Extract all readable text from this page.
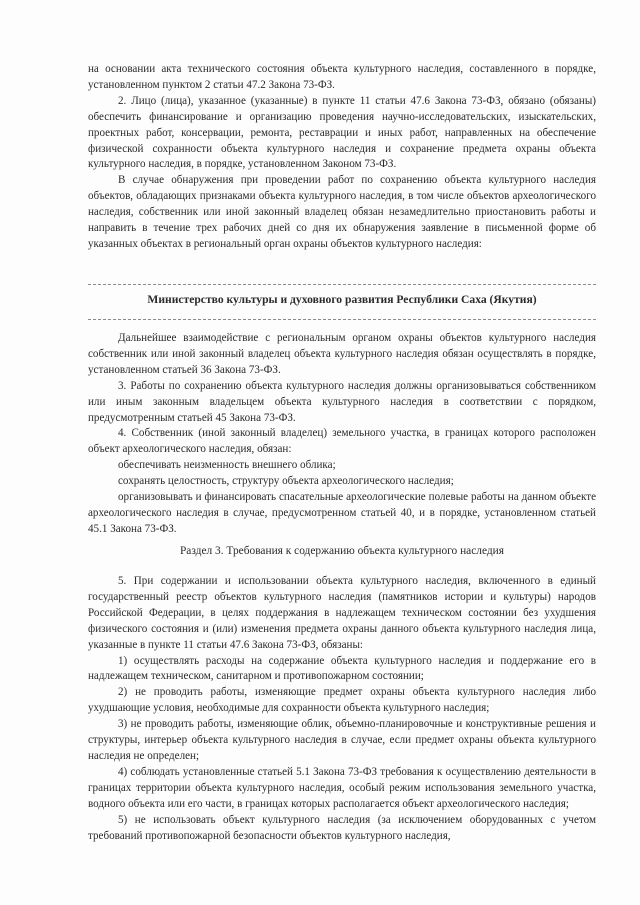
на основании акта технического состояния объекта культурного наследия, составленного в порядке, установленном пунктом 2 статьи 47.2 Закона 73-ФЗ.

2. Лицо (лица), указанное (указанные) в пункте 11 статьи 47.6 Закона 73-ФЗ, обязано (обязаны) обеспечить финансирование и организацию проведения научно-исследовательских, изыскательских, проектных работ, консервации, ремонта, реставрации и иных работ, направленных на обеспечение физической сохранности объекта культурного наследия и сохранение предмета охраны объекта культурного наследия, в порядке, установленном Законом 73-ФЗ.

В случае обнаружения при проведении работ по сохранению объекта культурного наследия объектов, обладающих признаками объекта культурного наследия, в том числе объектов археологического наследия, собственник или иной законный владелец обязан незамедлительно приостановить работы и направить в течение трех рабочих дней со дня их обнаружения заявление в письменной форме об указанных объектах в региональный орган охраны объектов культурного наследия:

Министерство культуры и духовного развития Республики Саха (Якутия)

Дальнейшее взаимодействие с региональным органом охраны объектов культурного наследия собственник или иной законный владелец объекта культурного наследия обязан осуществлять в порядке, установленном статьей 36 Закона 73-ФЗ.

3. Работы по сохранению объекта культурного наследия должны организовываться собственником или иным законным владельцем объекта культурного наследия в соответствии с порядком, предусмотренным статьей 45 Закона 73-ФЗ.

4. Собственник (иной законный владелец) земельного участка, в границах которого расположен объект археологического наследия, обязан:

обеспечивать неизменность внешнего облика;

сохранять целостность, структуру объекта археологического наследия;

организовывать и финансировать спасательные археологические полевые работы на данном объекте археологического наследия в случае, предусмотренном статьей 40, и в порядке, установленном статьей 45.1 Закона 73-ФЗ.

Раздел 3. Требования к содержанию объекта культурного наследия

5. При содержании и использовании объекта культурного наследия, включенного в единый государственный реестр объектов культурного наследия (памятников истории и культуры) народов Российской Федерации, в целях поддержания в надлежащем техническом состоянии без ухудшения физического состояния и (или) изменения предмета охраны данного объекта культурного наследия лица, указанные в пункте 11 статьи 47.6 Закона 73-ФЗ, обязаны:

1) осуществлять расходы на содержание объекта культурного наследия и поддержание его в надлежащем техническом, санитарном и противопожарном состоянии;

2) не проводить работы, изменяющие предмет охраны объекта культурного наследия либо ухудшающие условия, необходимые для сохранности объекта культурного наследия;

3) не проводить работы, изменяющие облик, объемно-планировочные и конструктивные решения и структуры, интерьер объекта культурного наследия в случае, если предмет охраны объекта культурного наследия не определен;

4) соблюдать установленные статьей 5.1 Закона 73-ФЗ требования к осуществлению деятельности в границах территории объекта культурного наследия, особый режим использования земельного участка, водного объекта или его части, в границах которых располагается объект археологического наследия;

5) не использовать объект культурного наследия (за исключением оборудованных с учетом требований противопожарной безопасности объектов культурного наследия,
